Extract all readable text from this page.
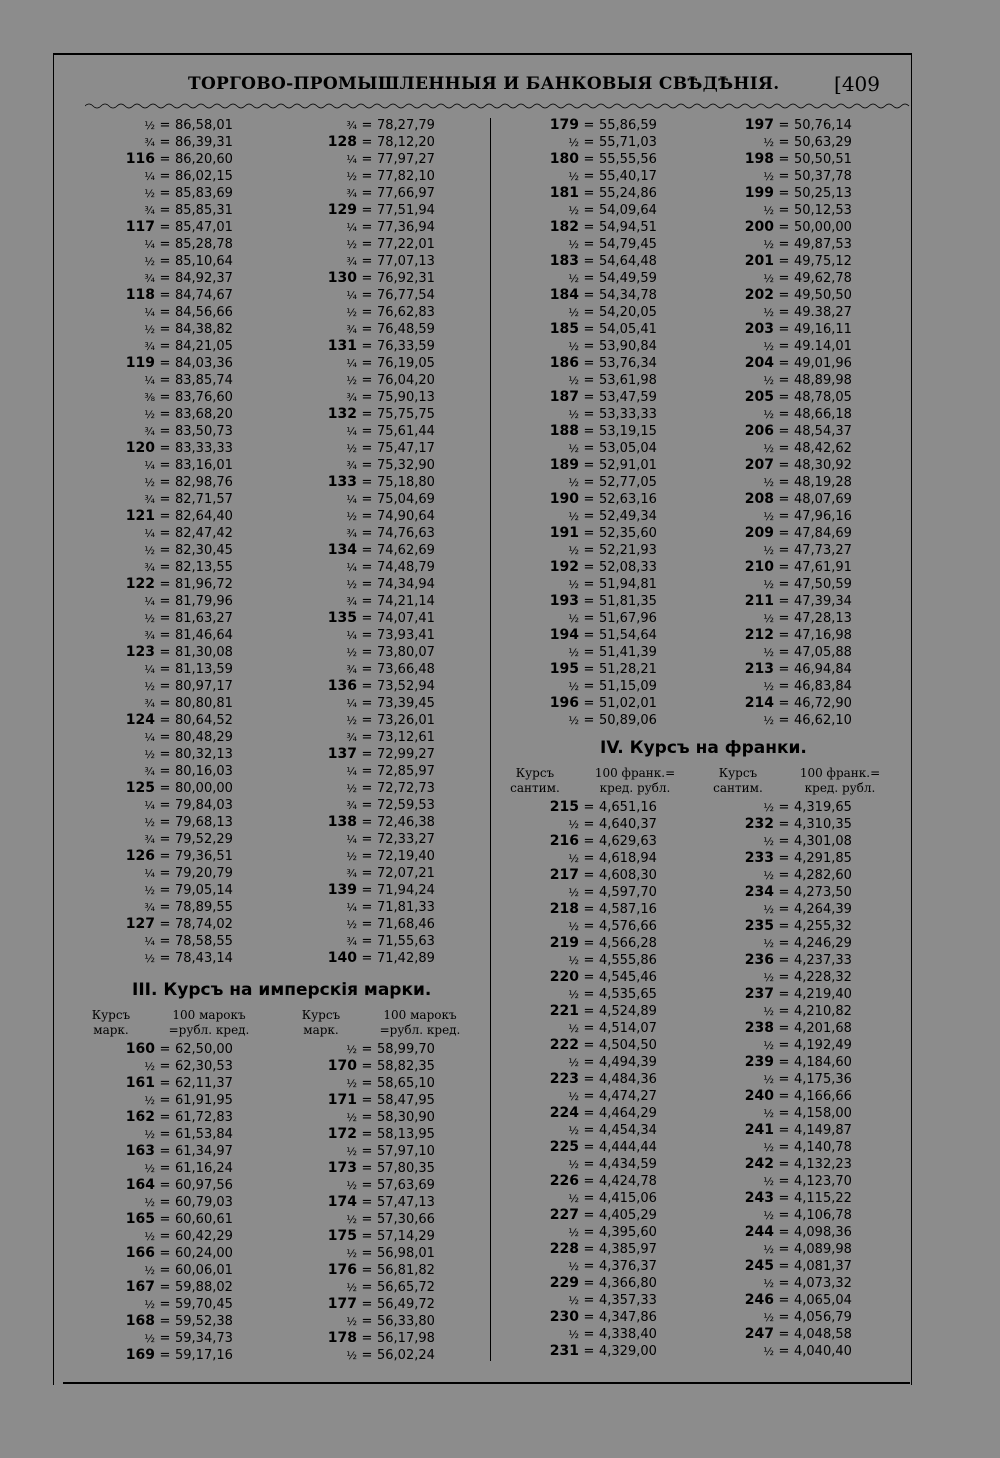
ТОРГОВО-ПРОМЫШЛЕННЫЯ И БАНКОВЫЯ СВѢДѢНІЯ.	[409
½ = 86,58,01
¾ = 86,39,31
116 = 86,20,60
¼ = 86,02,15
½ = 85,83,69
¾ = 85,85,31
117 = 85,47,01
¼ = 85,28,78
½ = 85,10,64
¾ = 84,92,37
118 = 84,74,67
¼ = 84,56,66
½ = 84,38,82
¾ = 84,21,05
119 = 84,03,36
¼ = 83,85,74
⅜ = 83,76,60
½ = 83,68,20
¾ = 83,50,73
120 = 83,33,33
¼ = 83,16,01
½ = 82,98,76
¾ = 82,71,57
121 = 82,64,40
¼ = 82,47,42
½ = 82,30,45
¾ = 82,13,55
122 = 81,96,72
¼ = 81,79,96
½ = 81,63,27
¾ = 81,46,64
123 = 81,30,08
¼ = 81,13,59
½ = 80,97,17
¾ = 80,80,81
124 = 80,64,52
¼ = 80,48,29
½ = 80,32,13
¾ = 80,16,03
125 = 80,00,00
¼ = 79,84,03
½ = 79,68,13
¾ = 79,52,29
126 = 79,36,51
¼ = 79,20,79
½ = 79,05,14
¾ = 78,89,55
127 = 78,74,02
¼ = 78,58,55
½ = 78,43,14
¾ = 78,27,79
128 = 78,12,20
¼ = 77,97,27
½ = 77,82,10
¾ = 77,66,97
129 = 77,51,94
¼ = 77,36,94
½ = 77,22,01
¾ = 77,07,13
130 = 76,92,31
¼ = 76,77,54
½ = 76,62,83
¾ = 76,48,59
131 = 76,33,59
¼ = 76,19,05
½ = 76,04,20
¾ = 75,90,13
132 = 75,75,75
¼ = 75,61,44
½ = 75,47,17
¾ = 75,32,90
133 = 75,18,80
¼ = 75,04,69
½ = 74,90,64
¾ = 74,76,63
134 = 74,62,69
¼ = 74,48,79
½ = 74,34,94
¾ = 74,21,14
135 = 74,07,41
¼ = 73,93,41
½ = 73,80,07
¾ = 73,66,48
136 = 73,52,94
¼ = 73,39,45
½ = 73,26,01
¾ = 73,12,61
137 = 72,99,27
¼ = 72,85,97
½ = 72,72,73
¾ = 72,59,53
138 = 72,46,38
¼ = 72,33,27
½ = 72,19,40
¾ = 72,07,21
139 = 71,94,24
¼ = 71,81,33
½ = 71,68,46
¾ = 71,55,63
140 = 71,42,89
160 = 62,50,00
½ = 62,30,53
161 = 62,11,37
½ = 61,91,95
162 = 61,72,83
½ = 61,53,84
163 = 61,34,97
½ = 61,16,24
164 = 60,97,56
½ = 60,79,03
165 = 60,60,61
½ = 60,42,29
166 = 60,24,00
½ = 60,06,01
167 = 59,88,02
½ = 59,70,45
168 = 59,52,38
½ = 59,34,73
169 = 59,17,16
½ = 58,99,70
170 = 58,82,35
½ = 58,65,10
171 = 58,47,95
½ = 58,30,90
172 = 58,13,95
½ = 57,97,10
173 = 57,80,35
½ = 57,63,69
174 = 57,47,13
½ = 57,30,66
175 = 57,14,29
½ = 56,98,01
176 = 56,81,82
½ = 56,65,72
177 = 56,49,72
½ = 56,33,80
178 = 56,17,98
½ = 56,02,24
179 = 55,86,59
½ = 55,71,03
180 = 55,55,56
½ = 55,40,17
181 = 55,24,86
½ = 54,09,64
182 = 54,94,51
½ = 54,79,45
183 = 54,64,48
½ = 54,49,59
184 = 54,34,78
½ = 54,20,05
185 = 54,05,41
½ = 53,90,84
186 = 53,76,34
½ = 53,61,98
187 = 53,47,59
½ = 53,33,33
188 = 53,19,15
½ = 53,05,04
189 = 52,91,01
½ = 52,77,05
190 = 52,63,16
½ = 52,49,34
191 = 52,35,60
½ = 52,21,93
192 = 52,08,33
½ = 51,94,81
193 = 51,81,35
½ = 51,67,96
194 = 51,54,64
½ = 51,41,39
195 = 51,28,21
½ = 51,15,09
196 = 51,02,01
½ = 50,89,06
197 = 50,76,14
½ = 50,63,29
198 = 50,50,51
½ = 50,37,78
199 = 50,25,13
½ = 50,12,53
200 = 50,00,00
½ = 49,87,53
201 = 49,75,12
½ = 49,62,78
202 = 49,50,50
½ = 49.38,27
203 = 49,16,11
½ = 49.14,01
204 = 49,01,96
½ = 48,89,98
205 = 48,78,05
½ = 48,66,18
206 = 48,54,37
½ = 48,42,62
207 = 48,30,92
½ = 48,19,28
208 = 48,07,69
½ = 47,96,16
209 = 47,84,69
½ = 47,73,27
210 = 47,61,91
½ = 47,50,59
211 = 47,39,34
½ = 47,28,13
212 = 47,16,98
½ = 47,05,88
213 = 46,94,84
½ = 46,83,84
214 = 46,72,90
½ = 46,62,10
215 = 4,651,16
½ = 4,640,37
216 = 4,629,63
½ = 4,618,94
217 = 4,608,30
½ = 4,597,70
218 = 4,587,16
½ = 4,576,66
219 = 4,566,28
½ = 4,555,86
220 = 4,545,46
½ = 4,535,65
221 = 4,524,89
½ = 4,514,07
222 = 4,504,50
½ = 4,494,39
223 = 4,484,36
½ = 4,474,27
224 = 4,464,29
½ = 4,454,34
225 = 4,444,44
½ = 4,434,59
226 = 4,424,78
½ = 4,415,06
227 = 4,405,29
½ = 4,395,60
228 = 4,385,97
½ = 4,376,37
229 = 4,366,80
½ = 4,357,33
230 = 4,347,86
½ = 4,338,40
231 = 4,329,00
½ = 4,319,65
232 = 4,310,35
½ = 4,301,08
233 = 4,291,85
½ = 4,282,60
234 = 4,273,50
½ = 4,264,39
235 = 4,255,32
½ = 4,246,29
236 = 4,237,33
½ = 4,228,32
237 = 4,219,40
½ = 4,210,82
238 = 4,201,68
½ = 4,192,49
239 = 4,184,60
½ = 4,175,36
240 = 4,166,66
½ = 4,158,00
241 = 4,149,87
½ = 4,140,78
242 = 4,132,23
½ = 4,123,70
243 = 4,115,22
½ = 4,106,78
244 = 4,098,36
½ = 4,089,98
245 = 4,081,37
½ = 4,073,32
246 = 4,065,04
½ = 4,056,79
247 = 4,048,58
½ = 4,040,40
III. Курсъ на имперскія марки.
Курсъ
марк.
100 марокъ
=рубл. кред.
Курсъ
марк.
100 марокъ
=рубл. кред.
IV. Курсъ на франки.
Курсъ
сантим.
100 франк.=
кред. рубл.
Курсъ
сантим.
100 франк.=
кред. рубл.
